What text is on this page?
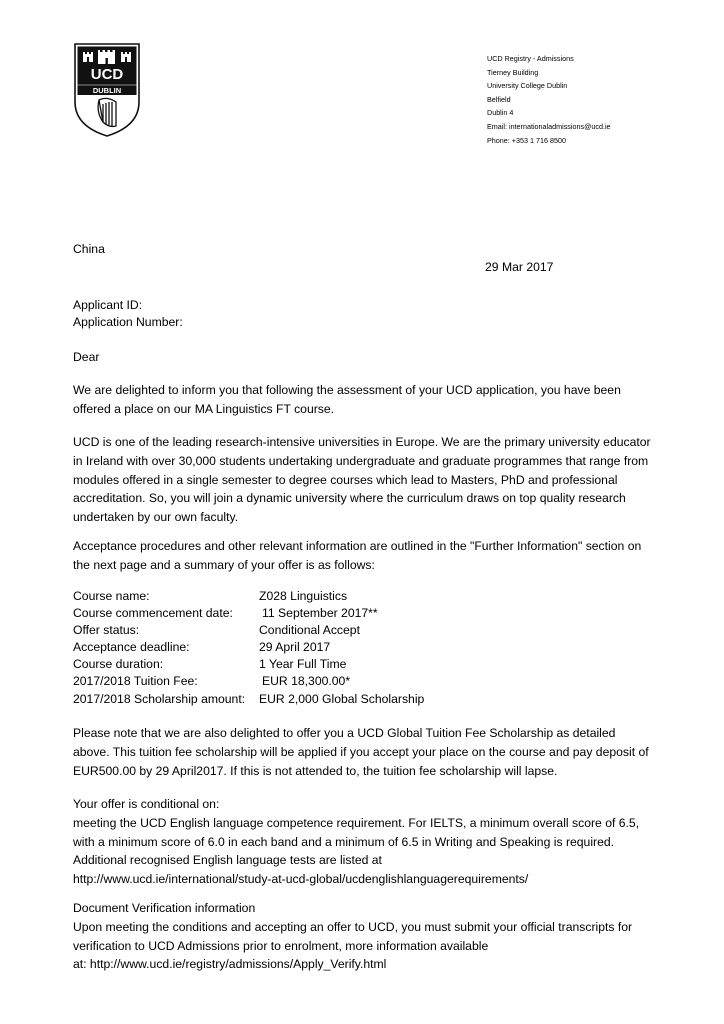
UCD
DUBLIN
UCD Registry - Admissions
Tierney Building
University College Dublin
Belfield
Dublin 4
Email: internationaladmissions@ucd.ie
Phone: +353 1 716 8500
China
29 Mar 2017
Applicant ID:
Application Number:
Dear
We are delighted to inform you that following the assessment of your UCD application, you have been
offered a place on our MA Linguistics FT course.
UCD is one of the leading research-intensive universities in Europe. We are the primary university educator
in Ireland with over 30,000 students undertaking undergraduate and graduate programmes that range from
modules offered in a single semester to degree courses which lead to Masters, PhD and professional
accreditation. So, you will join a dynamic university where the curriculum draws on top quality research
undertaken by our own faculty.
Acceptance procedures and other relevant information are outlined in the "Further Information" section on
the next page and a summary of your offer is as follows:
Course name:	Z028 Linguistics
Course commencement date: 11 September 2017**
Offer status:	Conditional Accept
Acceptance deadline:	29 April 2017
Course duration:	1 Year Full Time
2017/2018 Tuition Fee:	EUR 18,300.00*
2017/2018 Scholarship amount: EUR 2,000 Global Scholarship
Please note that we are also delighted to offer you a UCD Global Tuition Fee Scholarship as detailed
above. This tuition fee scholarship will be applied if you accept your place on the course and pay deposit of
EUR500.00 by 29 April2017. If this is not attended to, the tuition fee scholarship will lapse.
Your offer is conditional on:
meeting the UCD English language competence requirement. For IELTS, a minimum overall score of 6.5,
with a minimum score of 6.0 in each band and a minimum of 6.5 in Writing and Speaking is required.
Additional recognised English language tests are listed at
http://www.ucd.ie/international/study-at-ucd-global/ucdenglishlanguagerequirements/
Document Verification information
Upon meeting the conditions and accepting an offer to UCD, you must submit your official transcripts for
verification to UCD Admissions prior to enrolment, more information available
at: http://www.ucd.ie/registry/admissions/Apply_Verify.html
